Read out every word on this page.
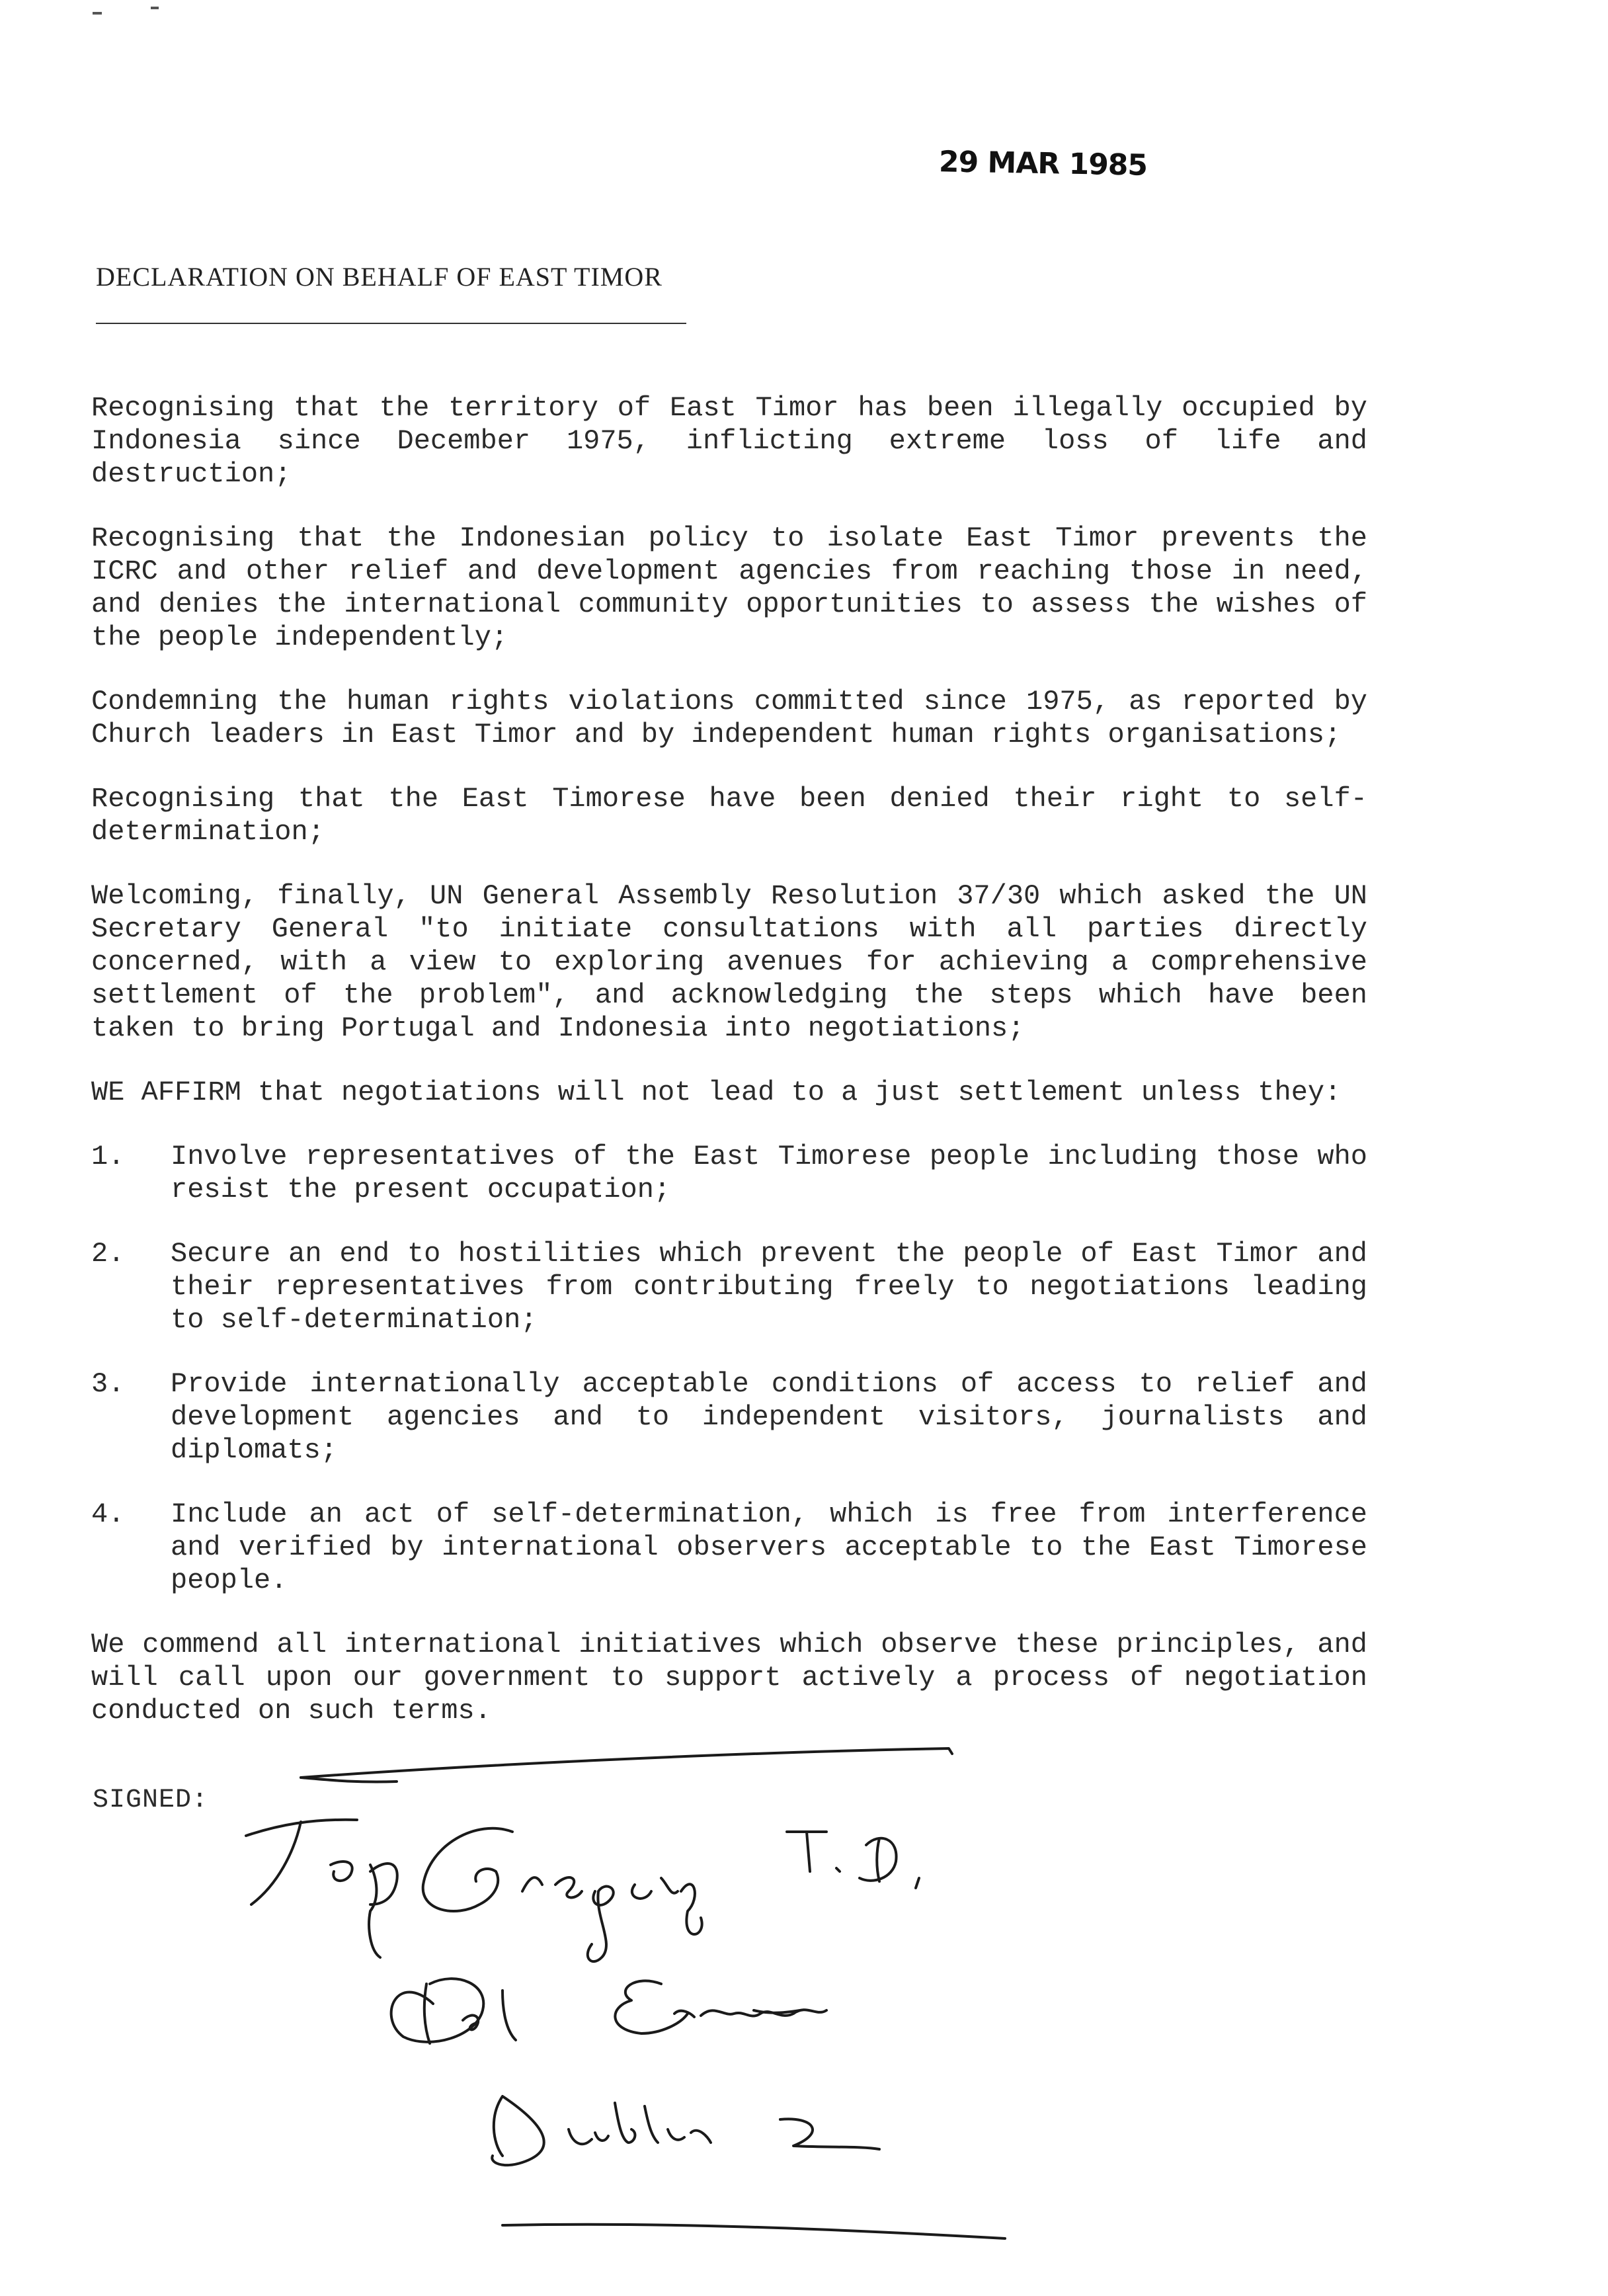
29 MAR 1985
DECLARATION ON BEHALF OF EAST TIMOR

Recognising that the territory of East Timor has been illegally occupied by Indonesia since December 1975, inflicting extreme loss of life and destruction;

Recognising that the Indonesian policy to isolate East Timor prevents the ICRC and other relief and development agencies from reaching those in need, and denies the international community opportunities to assess the wishes of the people independently;

Condemning the human rights violations committed since 1975, as reported by Church leaders in East Timor and by independent human rights organisations;

Recognising that the East Timorese have been denied their right to self-determination;

Welcoming, finally, UN General Assembly Resolution 37/30 which asked the UN Secretary General "to initiate consultations with all parties directly concerned, with a view to exploring avenues for achieving a comprehensive settlement of the problem", and acknowledging the steps which have been taken to bring Portugal and Indonesia into negotiations;

WE AFFIRM that negotiations will not lead to a just settlement unless they:

1.	Involve representatives of the East Timorese people including those who resist the present occupation;
2.	Secure an end to hostilities which prevent the people of East Timor and their representatives from contributing freely to negotiations leading to self-determination;
3.	Provide internationally acceptable conditions of access to relief and development agencies and to independent visitors, journalists and diplomats;
4.	Include an act of self-determination, which is free from interference and verified by international observers acceptable to the East Timorese people.

We commend all international initiatives which observe these principles, and will call upon our government to support actively a process of negotiation conducted on such terms.

SIGNED:
